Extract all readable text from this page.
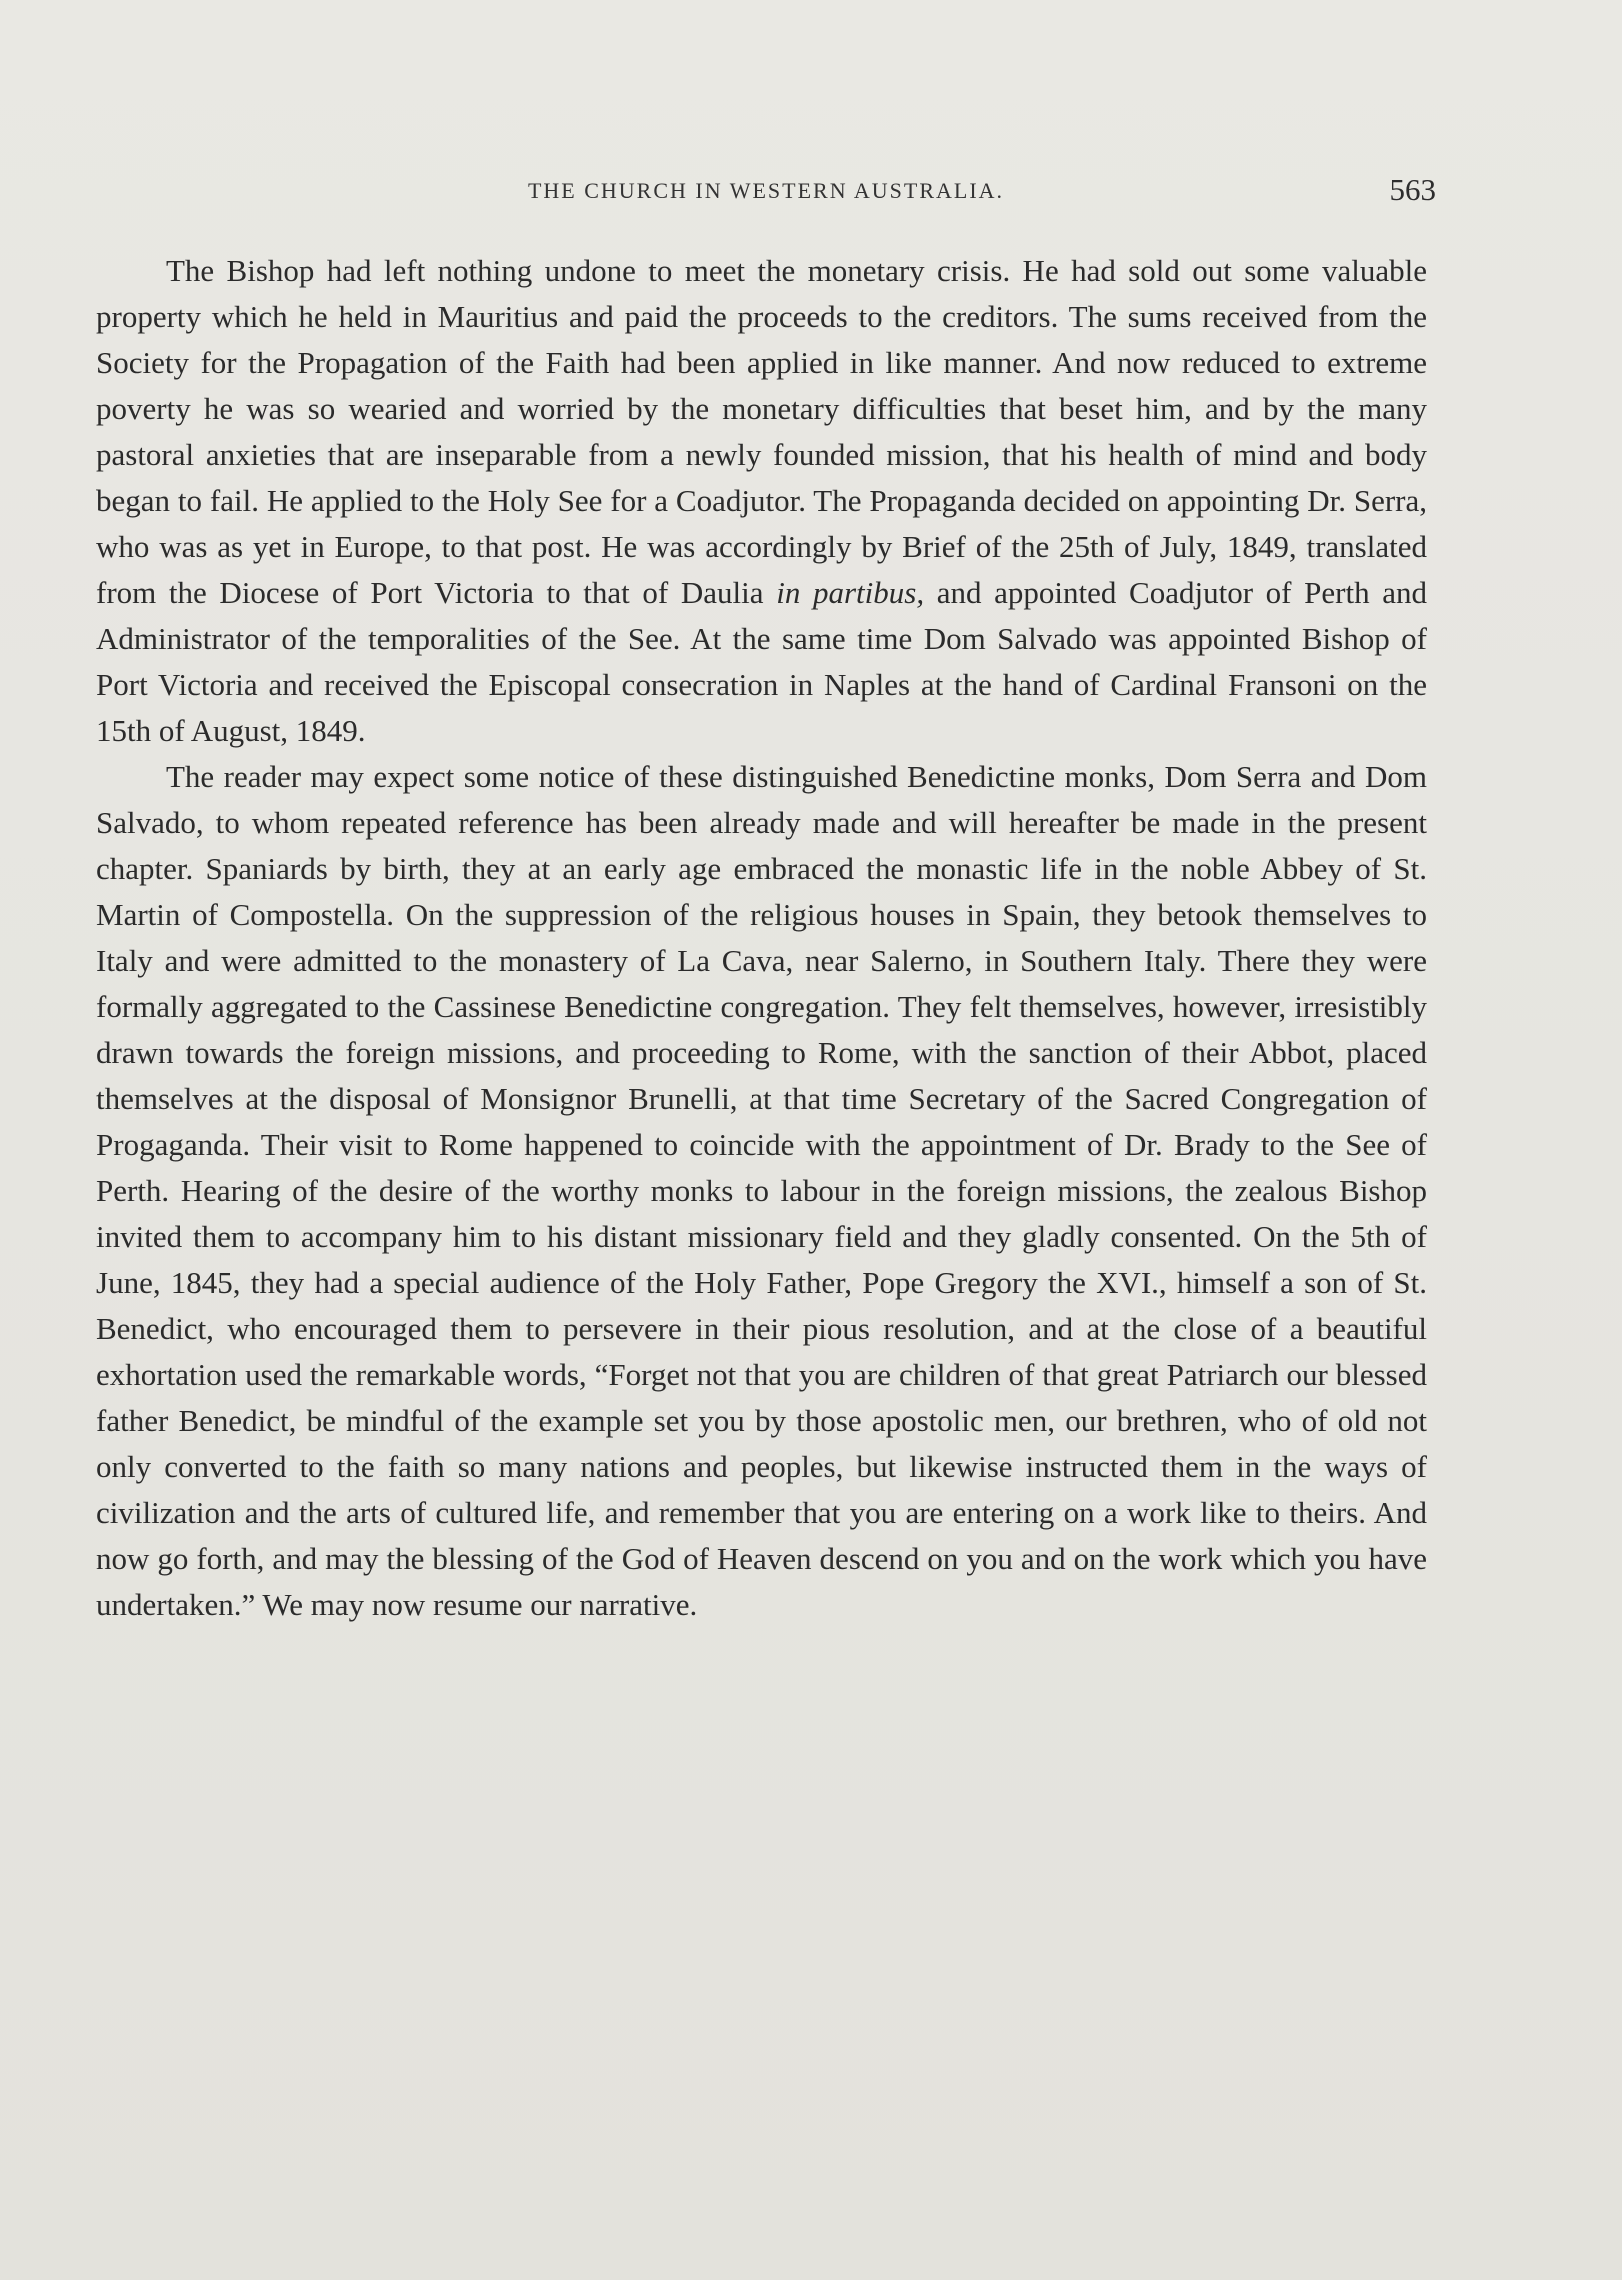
THE CHURCH IN WESTERN AUSTRALIA.	563

The Bishop had left nothing undone to meet the monetary crisis. He had sold out some valuable property which he held in Mauritius and paid the proceeds to the creditors. The sums received from the Society for the Propagation of the Faith had been applied in like manner. And now reduced to extreme poverty he was so wearied and worried by the monetary difficulties that beset him, and by the many pastoral anxieties that are inseparable from a newly founded mission, that his health of mind and body began to fail. He applied to the Holy See for a Coadjutor. The Propaganda decided on appointing Dr. Serra, who was as yet in Europe, to that post. He was accordingly by Brief of the 25th of July, 1849, translated from the Diocese of Port Victoria to that of Daulia in partibus, and appointed Coadjutor of Perth and Administrator of the temporalities of the See. At the same time Dom Salvado was appointed Bishop of Port Victoria and received the Episcopal consecration in Naples at the hand of Cardinal Fransoni on the 15th of August, 1849.

The reader may expect some notice of these distinguished Benedictine monks, Dom Serra and Dom Salvado, to whom repeated reference has been already made and will hereafter be made in the present chapter. Spaniards by birth, they at an early age embraced the monastic life in the noble Abbey of St. Martin of Compostella. On the suppression of the religious houses in Spain, they betook themselves to Italy and were admitted to the monastery of La Cava, near Salerno, in Southern Italy. There they were formally aggregated to the Cassinese Benedictine congregation. They felt themselves, however, irresistibly drawn towards the foreign missions, and proceeding to Rome, with the sanction of their Abbot, placed themselves at the disposal of Monsignor Brunelli, at that time Secretary of the Sacred Congregation of Progaganda. Their visit to Rome happened to coincide with the appointment of Dr. Brady to the See of Perth. Hearing of the desire of the worthy monks to labour in the foreign missions, the zealous Bishop invited them to accompany him to his distant missionary field and they gladly consented. On the 5th of June, 1845, they had a special audience of the Holy Father, Pope Gregory the XVI., himself a son of St. Benedict, who encouraged them to persevere in their pious resolution, and at the close of a beautiful exhortation used the remarkable words, “Forget not that you are children of that great Patriarch our blessed father Benedict, be mindful of the example set you by those apostolic men, our brethren, who of old not only converted to the faith so many nations and peoples, but likewise instructed them in the ways of civilization and the arts of cultured life, and remember that you are entering on a work like to theirs. And now go forth, and may the blessing of the God of Heaven descend on you and on the work which you have undertaken.” We may now resume our narrative.
